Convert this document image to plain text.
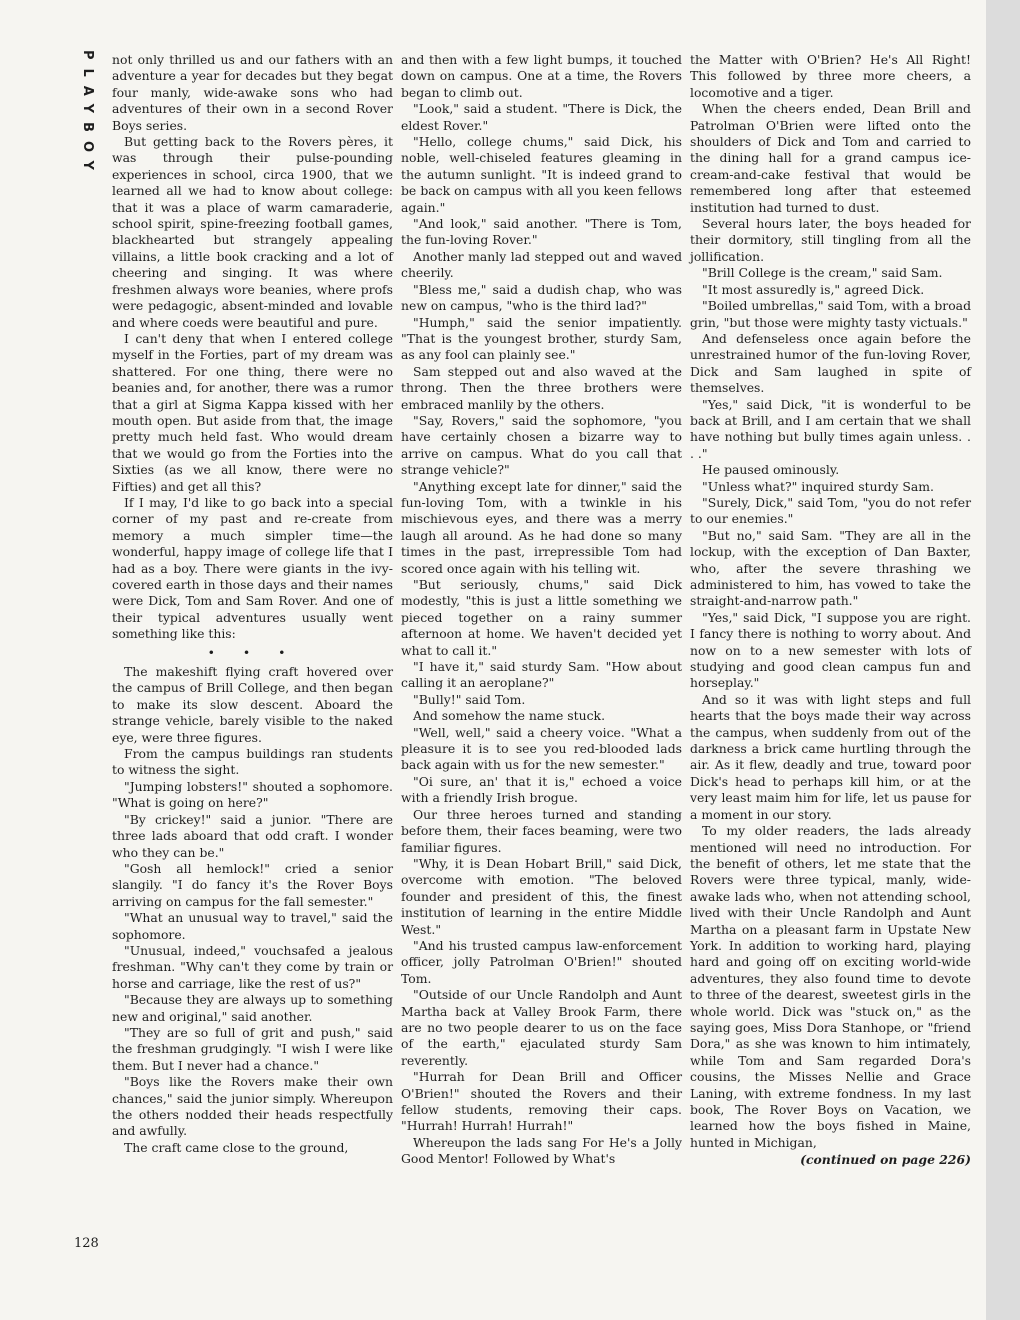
PLAYBOY not only thrilled us and our fathers with an adventure a year for decades but they begat four manly, wide-awake sons who had adventures of their own in a second Rover Boys series.

But getting back to the Rovers pères, it was through their pulse-pounding experiences in school, circa 1900, that we learned all we had to know about college: that it was a place of warm camaraderie, school spirit, spine-freezing football games, blackhearted but strangely appealing villains, a little book cracking and a lot of cheering and singing. It was where freshmen always wore beanies, where profs were pedagogic, absent-minded and lovable and where coeds were beautiful and pure.

I can't deny that when I entered college myself in the Forties, part of my dream was shattered. For one thing, there were no beanies and, for another, there was a rumor that a girl at Sigma Kappa kissed with her mouth open. But aside from that, the image pretty much held fast. Who would dream that we would go from the Forties into the Sixties (as we all know, there were no Fifties) and get all this?

If I may, I'd like to go back into a special corner of my past and re-create from memory a much simpler time—the wonderful, happy image of college life that I had as a boy. There were giants in the ivy-covered earth in those days and their names were Dick, Tom and Sam Rover. And one of their typical adventures usually went something like this:

• • •

The makeshift flying craft hovered over the campus of Brill College, and then began to make its slow descent. Aboard the strange vehicle, barely visible to the naked eye, were three figures.

From the campus buildings ran students to witness the sight.

"Jumping lobsters!" shouted a sophomore. "What is going on here?"

"By crickey!" said a junior. "There are three lads aboard that odd craft. I wonder who they can be."

"Gosh all hemlock!" cried a senior slangily. "I do fancy it's the Rover Boys arriving on campus for the fall semester."

"What an unusual way to travel," said the sophomore.

"Unusual, indeed," vouchsafed a jealous freshman. "Why can't they come by train or horse and carriage, like the rest of us?"

"Because they are always up to something new and original," said another.

"They are so full of grit and push," said the freshman grudgingly. "I wish I were like them. But I never had a chance."

"Boys like the Rovers make their own chances," said the junior simply. Whereupon the others nodded their heads respectfully and awfully.

The craft came close to the ground,

and then with a few light bumps, it touched down on campus. One at a time, the Rovers began to climb out.

"Look," said a student. "There is Dick, the eldest Rover."

"Hello, college chums," said Dick, his noble, well-chiseled features gleaming in the autumn sunlight. "It is indeed grand to be back on campus with all you keen fellows again."

"And look," said another. "There is Tom, the fun-loving Rover."

Another manly lad stepped out and waved cheerily.

"Bless me," said a dudish chap, who was new on campus, "who is the third lad?"

"Humph," said the senior impatiently. "That is the youngest brother, sturdy Sam, as any fool can plainly see."

Sam stepped out and also waved at the throng. Then the three brothers were embraced manlily by the others.

"Say, Rovers," said the sophomore, "you have certainly chosen a bizarre way to arrive on campus. What do you call that strange vehicle?"

"Anything except late for dinner," said the fun-loving Tom, with a twinkle in his mischievous eyes, and there was a merry laugh all around. As he had done so many times in the past, irrepressible Tom had scored once again with his telling wit.

"But seriously, chums," said Dick modestly, "this is just a little something we pieced together on a rainy summer afternoon at home. We haven't decided yet what to call it."

"I have it," said sturdy Sam. "How about calling it an aeroplane?"

"Bully!" said Tom.

And somehow the name stuck.

"Well, well," said a cheery voice. "What a pleasure it is to see you red-blooded lads back again with us for the new semester."

"Oi sure, an' that it is," echoed a voice with a friendly Irish brogue.

Our three heroes turned and standing before them, their faces beaming, were two familiar figures.

"Why, it is Dean Hobart Brill," said Dick, overcome with emotion. "The beloved founder and president of this, the finest institution of learning in the entire Middle West."

"And his trusted campus law-enforcement officer, jolly Patrolman O'Brien!" shouted Tom.

"Outside of our Uncle Randolph and Aunt Martha back at Valley Brook Farm, there are no two people dearer to us on the face of the earth," ejaculated sturdy Sam reverently.

"Hurrah for Dean Brill and Officer O'Brien!" shouted the Rovers and their fellow students, removing their caps. "Hurrah! Hurrah! Hurrah!"

Whereupon the lads sang For He's a Jolly Good Mentor! Followed by What's

the Matter with O'Brien? He's All Right! This followed by three more cheers, a locomotive and a tiger.

When the cheers ended, Dean Brill and Patrolman O'Brien were lifted onto the shoulders of Dick and Tom and carried to the dining hall for a grand campus ice-cream-and-cake festival that would be remembered long after that esteemed institution had turned to dust.

Several hours later, the boys headed for their dormitory, still tingling from all the jollification.

"Brill College is the cream," said Sam.

"It most assuredly is," agreed Dick.

"Boiled umbrellas," said Tom, with a broad grin, "but those were mighty tasty victuals."

And defenseless once again before the unrestrained humor of the fun-loving Rover, Dick and Sam laughed in spite of themselves.

"Yes," said Dick, "it is wonderful to be back at Brill, and I am certain that we shall have nothing but bully times again unless. . . ."

He paused ominously.

"Unless what?" inquired sturdy Sam.

"Surely, Dick," said Tom, "you do not refer to our enemies."

"But no," said Sam. "They are all in the lockup, with the exception of Dan Baxter, who, after the severe thrashing we administered to him, has vowed to take the straight-and-narrow path."

"Yes," said Dick, "I suppose you are right. I fancy there is nothing to worry about. And now on to a new semester with lots of studying and good clean campus fun and horseplay."

And so it was with light steps and full hearts that the boys made their way across the campus, when suddenly from out of the darkness a brick came hurtling through the air. As it flew, deadly and true, toward poor Dick's head to perhaps kill him, or at the very least maim him for life, let us pause for a moment in our story.

To my older readers, the lads already mentioned will need no introduction. For the benefit of others, let me state that the Rovers were three typical, manly, wide-awake lads who, when not attending school, lived with their Uncle Randolph and Aunt Martha on a pleasant farm in Upstate New York. In addition to working hard, playing hard and going off on exciting world-wide adventures, they also found time to devote to three of the dearest, sweetest girls in the whole world. Dick was "stuck on," as the saying goes, Miss Dora Stanhope, or "friend Dora," as she was known to him intimately, while Tom and Sam regarded Dora's cousins, the Misses Nellie and Grace Laning, with extreme fondness. In my last book, The Rover Boys on Vacation, we learned how the boys fished in Maine, hunted in Michigan,

(continued on page 226)

128
